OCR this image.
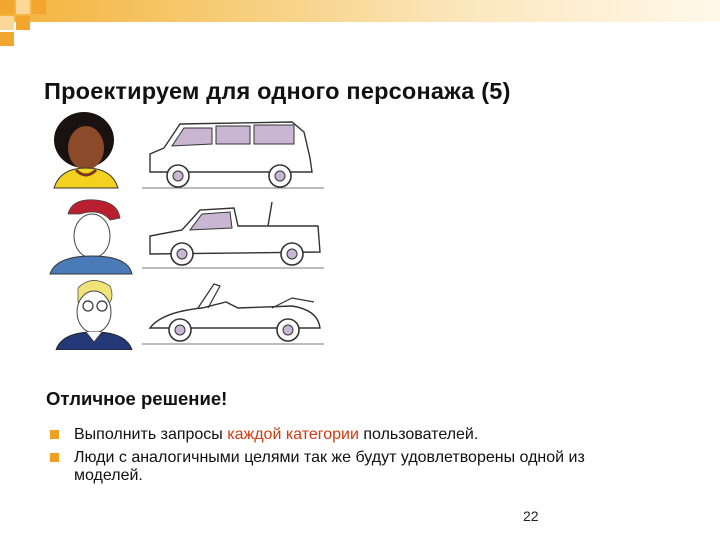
Проектируем для одного персонажа (5)
Отличное решение!
Выполнить запросы каждой категории пользователей.
Люди с аналогичными целями так же будут удовлетворены одной из моделей.
22
